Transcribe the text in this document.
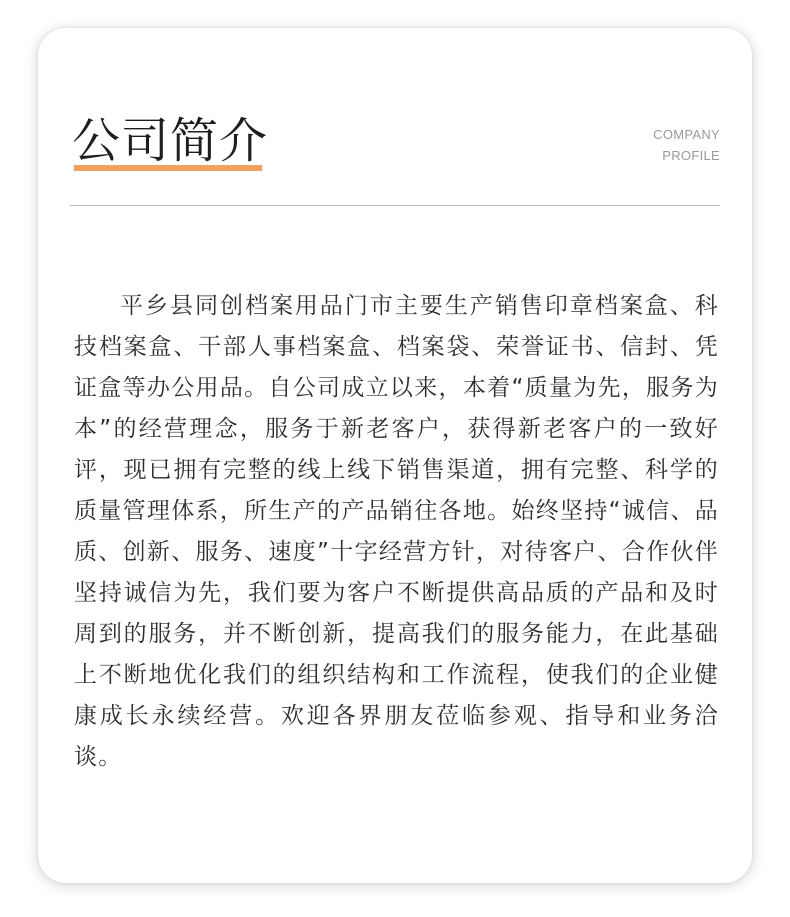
公司简介	COMPANY
PROFILE

平乡县同创档案用品门市主要生产销售印章档案盒、科技档案盒、干部人事档案盒、档案袋、荣誉证书、信封、凭证盒等办公用品。自公司成立以来，本着“质量为先，服务为本”的经营理念，服务于新老客户，获得新老客户的一致好评，现已拥有完整的线上线下销售渠道，拥有完整、科学的质量管理体系，所生产的产品销往各地。始终坚持“诚信、品质、创新、服务、速度”十字经营方针，对待客户、合作伙伴坚持诚信为先，我们要为客户不断提供高品质的产品和及时周到的服务，并不断创新，提高我们的服务能力，在此基础上不断地优化我们的组织结构和工作流程，使我们的企业健康成长永续经营。欢迎各界朋友莅临参观、指导和业务洽谈。
